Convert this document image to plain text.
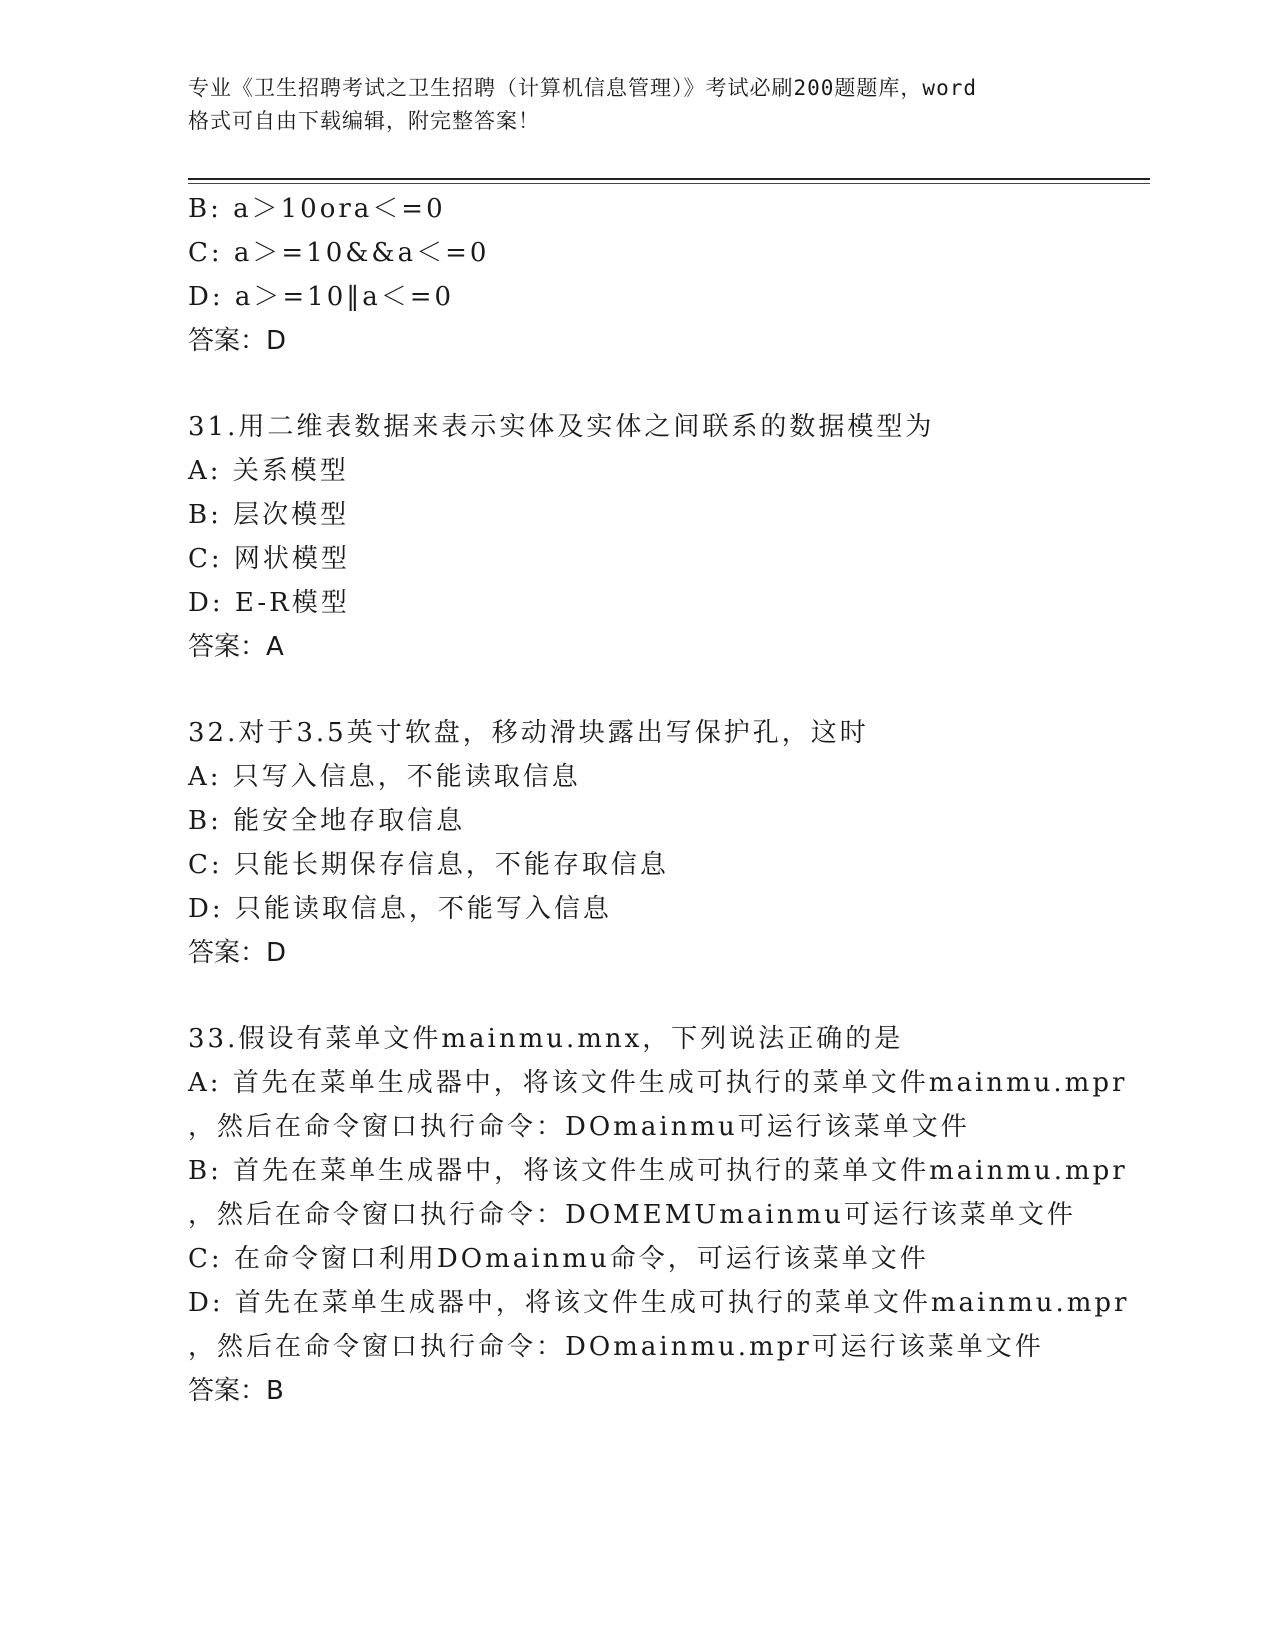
专业《卫生招聘考试之卫生招聘（计算机信息管理）》考试必刷200题题库，word
格式可自由下载编辑，附完整答案！
B: a＞10ora＜=0
C: a＞=10&&a＜=0
D: a＞=10‖a＜=0
答案：D
31.用二维表数据来表示实体及实体之间联系的数据模型为
A: 关系模型
B: 层次模型
C: 网状模型
D: E-R模型
答案：A
32.对于3.5英寸软盘，移动滑块露出写保护孔，这时
A: 只写入信息，不能读取信息
B: 能安全地存取信息
C: 只能长期保存信息，不能存取信息
D: 只能读取信息，不能写入信息
答案：D
33.假设有菜单文件mainmu.mnx，下列说法正确的是
A: 首先在菜单生成器中，将该文件生成可执行的菜单文件mainmu.mpr
，然后在命令窗口执行命令：DOmainmu可运行该菜单文件
B: 首先在菜单生成器中，将该文件生成可执行的菜单文件mainmu.mpr
，然后在命令窗口执行命令：DOMEMUmainmu可运行该菜单文件
C: 在命令窗口利用DOmainmu命令，可运行该菜单文件
D: 首先在菜单生成器中，将该文件生成可执行的菜单文件mainmu.mpr
，然后在命令窗口执行命令：DOmainmu.mpr可运行该菜单文件
答案：B
